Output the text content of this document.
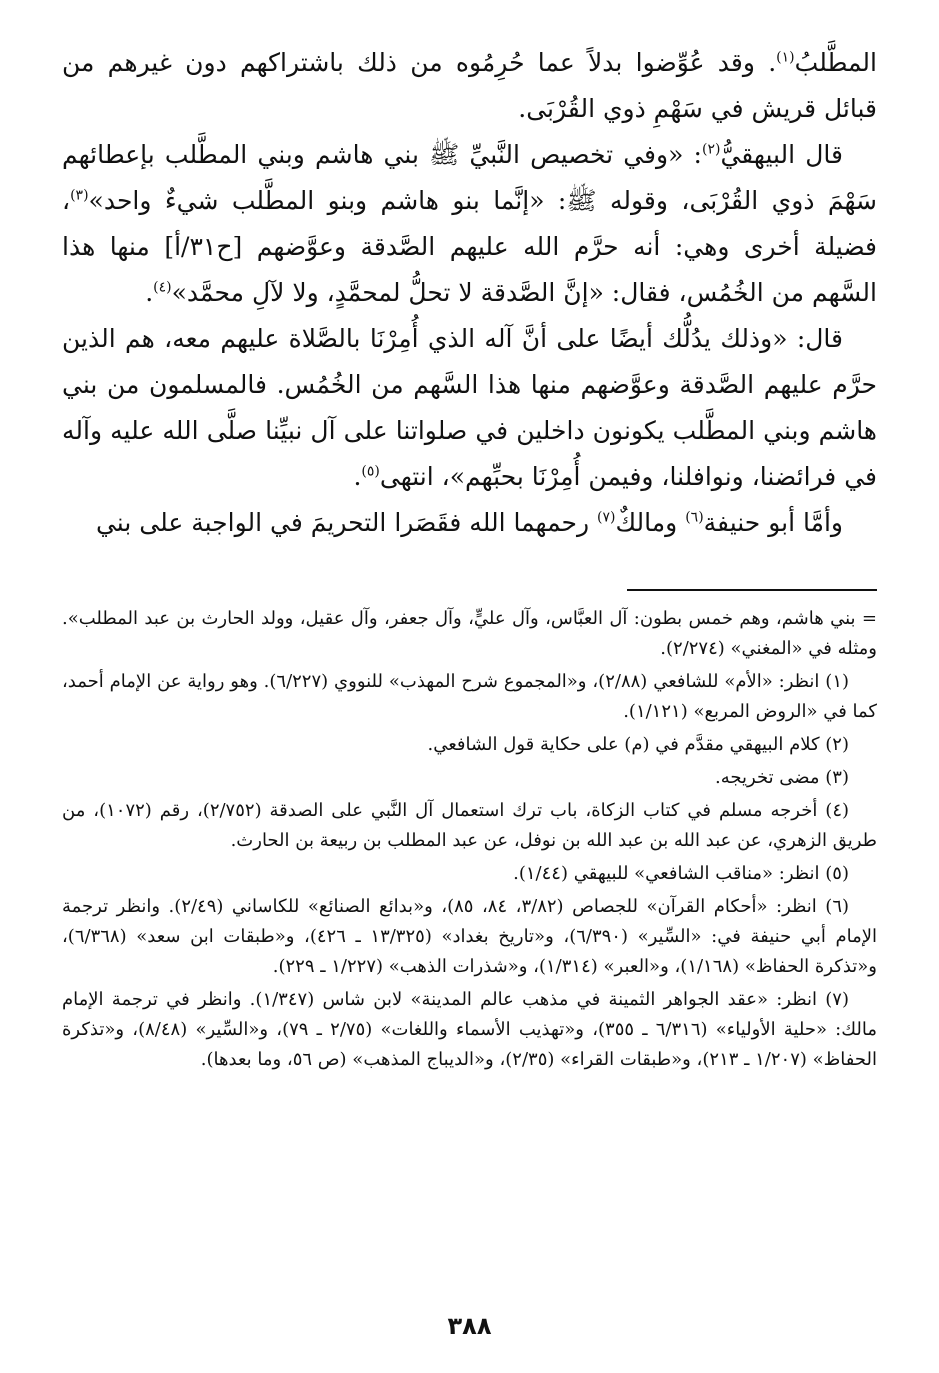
المطَّلبُ$^{(١)}$. وقد عُوِّضوا بدلاً عما حُرِمُوه من ذلك باشتراكهم دون غيرهم من قبائل قريش في سَهْمِ ذوي القُرْبَى.

قال البيهقيُّ$^{(٢)}$: «وفي تخصيص النَّبيِّ ﷺ بني هاشم وبني المطَّلب بإعطائهم سَهْمَ ذوي القُرْبَى، وقوله ﷺ: «إنَّما بنو هاشم وبنو المطَّلب شيءٌ واحد»$^{(٣)}$، فضيلة أخرى وهي: أنه حرَّم الله عليهم الصَّدقة وعوَّضهم [ح٣١/أ] منها هذا السَّهم من الخُمُس، فقال: «إنَّ الصَّدقة لا تحلُّ لمحمَّدٍ، ولا لآلِ محمَّد»$^{(٤)}$.

قال: «وذلك يدُلُّك أيضًا على أنَّ آله الذي أُمِرْنَا بالصَّلاة عليهم معه، هم الذين حرَّم عليهم الصَّدقة وعوَّضهم منها هذا السَّهم من الخُمُس. فالمسلمون من بني هاشم وبني المطَّلب يكونون داخلين في صلواتنا على آل نبيِّنا صلَّى الله عليه وآله في فرائضنا، ونوافلنا، وفيمن أُمِرْنَا بحبِّهم»، انتهى$^{(٥)}$.

وأمَّا أبو حنيفة$^{(٦)}$ ومالكٌ$^{(٧)}$ رحمهما الله فقَصَرا التحريمَ في الواجبة على بني

= بني هاشم، وهم خمس بطون: آل العبَّاس، وآل عليٍّ، وآل جعفر، وآل عقيل، وولد الحارث بن عبد المطلب». ومثله في «المغني» (٢/٢٧٤).

(١) انظر: «الأم» للشافعي (٢/٨٨)، و«المجموع شرح المهذب» للنووي (٦/٢٢٧). وهو رواية عن الإمام أحمد، كما في «الروض المربع» (١/١٢١).

(٢) كلام البيهقي مقدَّم في (م) على حكاية قول الشافعي.

(٣) مضى تخريجه.

(٤) أخرجه مسلم في كتاب الزكاة، باب ترك استعمال آل النَّبي على الصدقة (٢/٧٥٢)، رقم (١٠٧٢)، من طريق الزهري، عن عبد الله بن عبد الله بن نوفل، عن عبد المطلب بن ربيعة بن الحارث.

(٥) انظر: «مناقب الشافعي» للبيهقي (١/٤٤).

(٦) انظر: «أحكام القرآن» للجصاص (٣/٨٢، ٨٤، ٨٥)، و«بدائع الصنائع» للكاساني (٢/٤٩). وانظر ترجمة الإمام أبي حنيفة في: «السِّير» (٦/٣٩٠)، و«تاريخ بغداد» (١٣/٣٢٥ ـ ٤٢٦)، و«طبقات ابن سعد» (٦/٣٦٨)، و«تذكرة الحفاظ» (١/١٦٨)، و«العبر» (١/٣١٤)، و«شذرات الذهب» (١/٢٢٧ ـ ٢٢٩).

(٧) انظر: «عقد الجواهر الثمينة في مذهب عالم المدينة» لابن شاس (١/٣٤٧). وانظر في ترجمة الإمام مالك: «حلية الأولياء» (٦/٣١٦ ـ ٣٥٥)، و«تهذيب الأسماء واللغات» (٢/٧٥ ـ ٧٩)، و«السِّير» (٨/٤٨)، و«تذكرة الحفاظ» (١/٢٠٧ ـ ٢١٣)، و«طبقات القراء» (٢/٣٥)، و«الديباج المذهب» (ص ٥٦، وما بعدها).

٣٨٨
